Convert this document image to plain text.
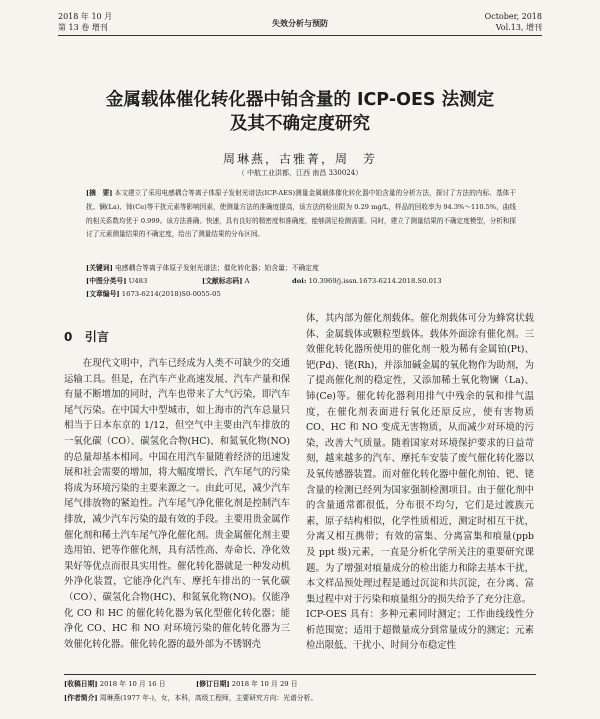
2018 年 10 月
第 13 卷 增刊	失效分析与预防
October, 2018
Vol.13, 增刊
金属载体催化转化器中铂含量的 ICP-OES 法测定
及其不确定度研究
周琳燕，古雅菁，周　芳
（ 中航工业洪都，江西 南昌 330024）
[摘　要] 本文建立了采用电感耦合等离子体原子发射光谱法(ICP-AES)测量金属载体催化转化器中铂含量的分析方法，探讨了方法的内标、基体干扰、镧(La)、铈(Ce)等干扰元素等影响因素，使测量方法的准确度提高，该方法的检出限为 0.29 mg/L，样品的回收率为 94.3%～110.5%，曲线的相关系数均优于 0.999。该方法准确、快速，具有良好的精密度和准确度，能够满足检测需要。同时，建立了测量结果的不确定度模型，分析和探讨了元素测量结果的不确定度，给出了测量结果的分布区间。
[关键词] 电感耦合等离子体原子发射光谱法；催化转化器；铂含量；不确定度
[中图分类号] U483	[文献标志码] A	doi: 10.3969/j.issn.1673-6214.2018.S0.013
[文章编号] 1673-6214(2018)S0-0055-05
0 引言
在现代文明中，汽车已经成为人类不可缺少的交通运输工具。但是，在汽车产业高速发展、汽车产量和保有量不断增加的同时，汽车也带来了大气污染，即汽车尾气污染。在中国大中型城市，如上海市的汽车总量只相当于日本东京的 1/12，但空气中主要由汽车排放的一氧化碳（CO）、碳氢化合物(HC)、和氮氧化物(NO)的总量却基本相同。中国在用汽车量随着经济的迅速发展和社会需要的增加，将大幅度增长，汽车尾气的污染将成为环境污染的主要来源之一。由此可见，减少汽车尾气排放物的紧迫性。汽车尾气净化催化剂是控制汽车排放，减少汽车污染的最有效的手段。主要用贵金属作催化剂和稀土汽车尾气净化催化剂。贵金属催化剂主要选用铂、钯等作催化剂，具有活性高、寿命长、净化效果好等优点而很具实用性。催化转化器就是一种发动机外净化装置，它能净化汽车、摩托车排出的一氧化碳（CO）、碳氢化合物(HC)、和氮氧化物(NO)。仅能净化 CO 和 HC 的催化转化器为氧化型催化转化器；能净化 CO、HC 和 NO 对环境污染的催化转化器为三效催化转化器。催化转化器的最外部为不锈钢壳
体，其内部为催化剂载体。催化剂载体可分为蜂窝状载体、金属载体或颗粒型载体。载体外面涂有催化剂。三效催化转化器所使用的催化剂一般为稀有金属铂(Pt)、钯(Pd)、铑(Rh)，并添加碱金属的氧化物作为助剂，为了提高催化剂的稳定性，又添加稀土氧化物镧（La)、铈(Ce)等。催化转化器利用排气中残余的氧和排气温度，在催化剂表面进行氧化还原反应，使有害物质 CO、HC 和 NO 变成无害物质，从而减少对环境的污染，改善大气质量。随着国家对环境保护要求的日益苛刻，越来越多的汽车、摩托车安装了废气催化转化器以及氧传感器装置。而对催化转化器中催化剂铂、钯、铑含量的检测已经列为国家强制检测项目。由于催化剂中的含量通常都很低，分布很不均匀，它们是过渡族元素，原子结构相似，化学性质相近，测定时相互干扰，分离又相互携带；有效的富集、分离富集和痕量(ppb 及 ppt 级)元素，一直是分析化学所关注的重要研究课题。为了增强对痕量成分的检出能力和除去基本干扰，本文样品预处理过程是通过沉淀和共沉淀，在分离、富集过程中对于污染和痕量组分的损失给予了充分注意。
ICP-OES 具有：多种元素同时测定；工作曲线线性分析范围宽；适用于超微量成分到常量成分的测定；元素检出限低、干扰小、时间分布稳定性
[收稿日期] 2018 年 10 月 16 日	[修订日期] 2018 年 10 月 29 日
[作者简介] 周琳燕(1977 年-)，女，本科，高级工程师，主要研究方向：光谱分析。
